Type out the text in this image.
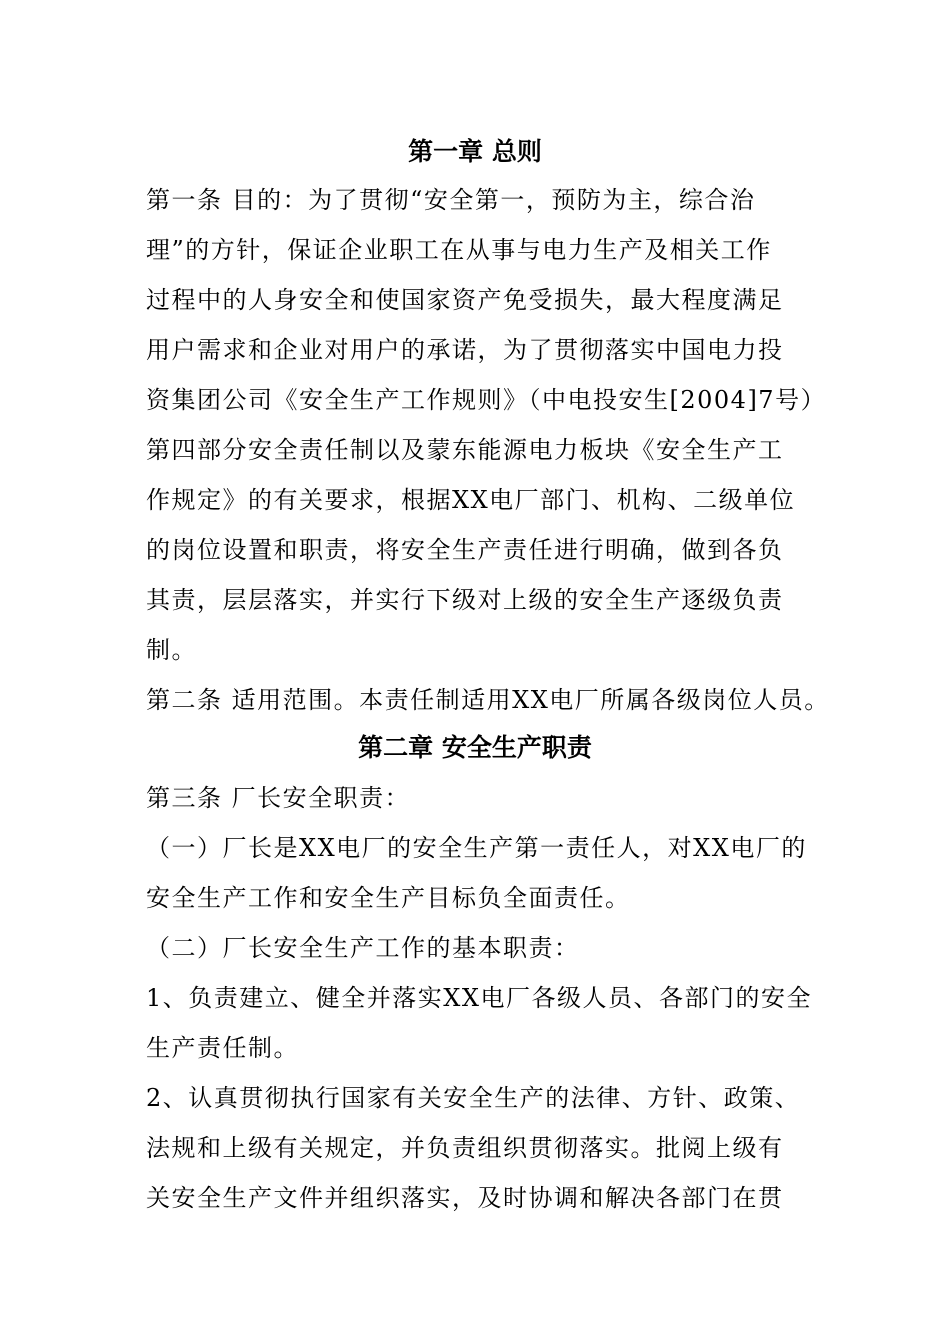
第一章 总则
第一条 目的：为了贯彻“安全第一，预防为主，综合治
理”的方针，保证企业职工在从事与电力生产及相关工作
过程中的人身安全和使国家资产免受损失，最大程度满足
用户需求和企业对用户的承诺，为了贯彻落实中国电力投
资集团公司《安全生产工作规则》（中电投安生[2004]7号）
第四部分安全责任制以及蒙东能源电力板块《安全生产工
作规定》的有关要求，根据XX电厂部门、机构、二级单位
的岗位设置和职责，将安全生产责任进行明确，做到各负
其责，层层落实，并实行下级对上级的安全生产逐级负责
制。
第二条 适用范围。本责任制适用XX电厂所属各级岗位人员。
第二章 安全生产职责
第三条 厂长安全职责：
（一）厂长是XX电厂的安全生产第一责任人，对XX电厂的
安全生产工作和安全生产目标负全面责任。
（二）厂长安全生产工作的基本职责：
1、负责建立、健全并落实XX电厂各级人员、各部门的安全
生产责任制。
2、认真贯彻执行国家有关安全生产的法律、方针、政策、
法规和上级有关规定，并负责组织贯彻落实。批阅上级有
关安全生产文件并组织落实，及时协调和解决各部门在贯
